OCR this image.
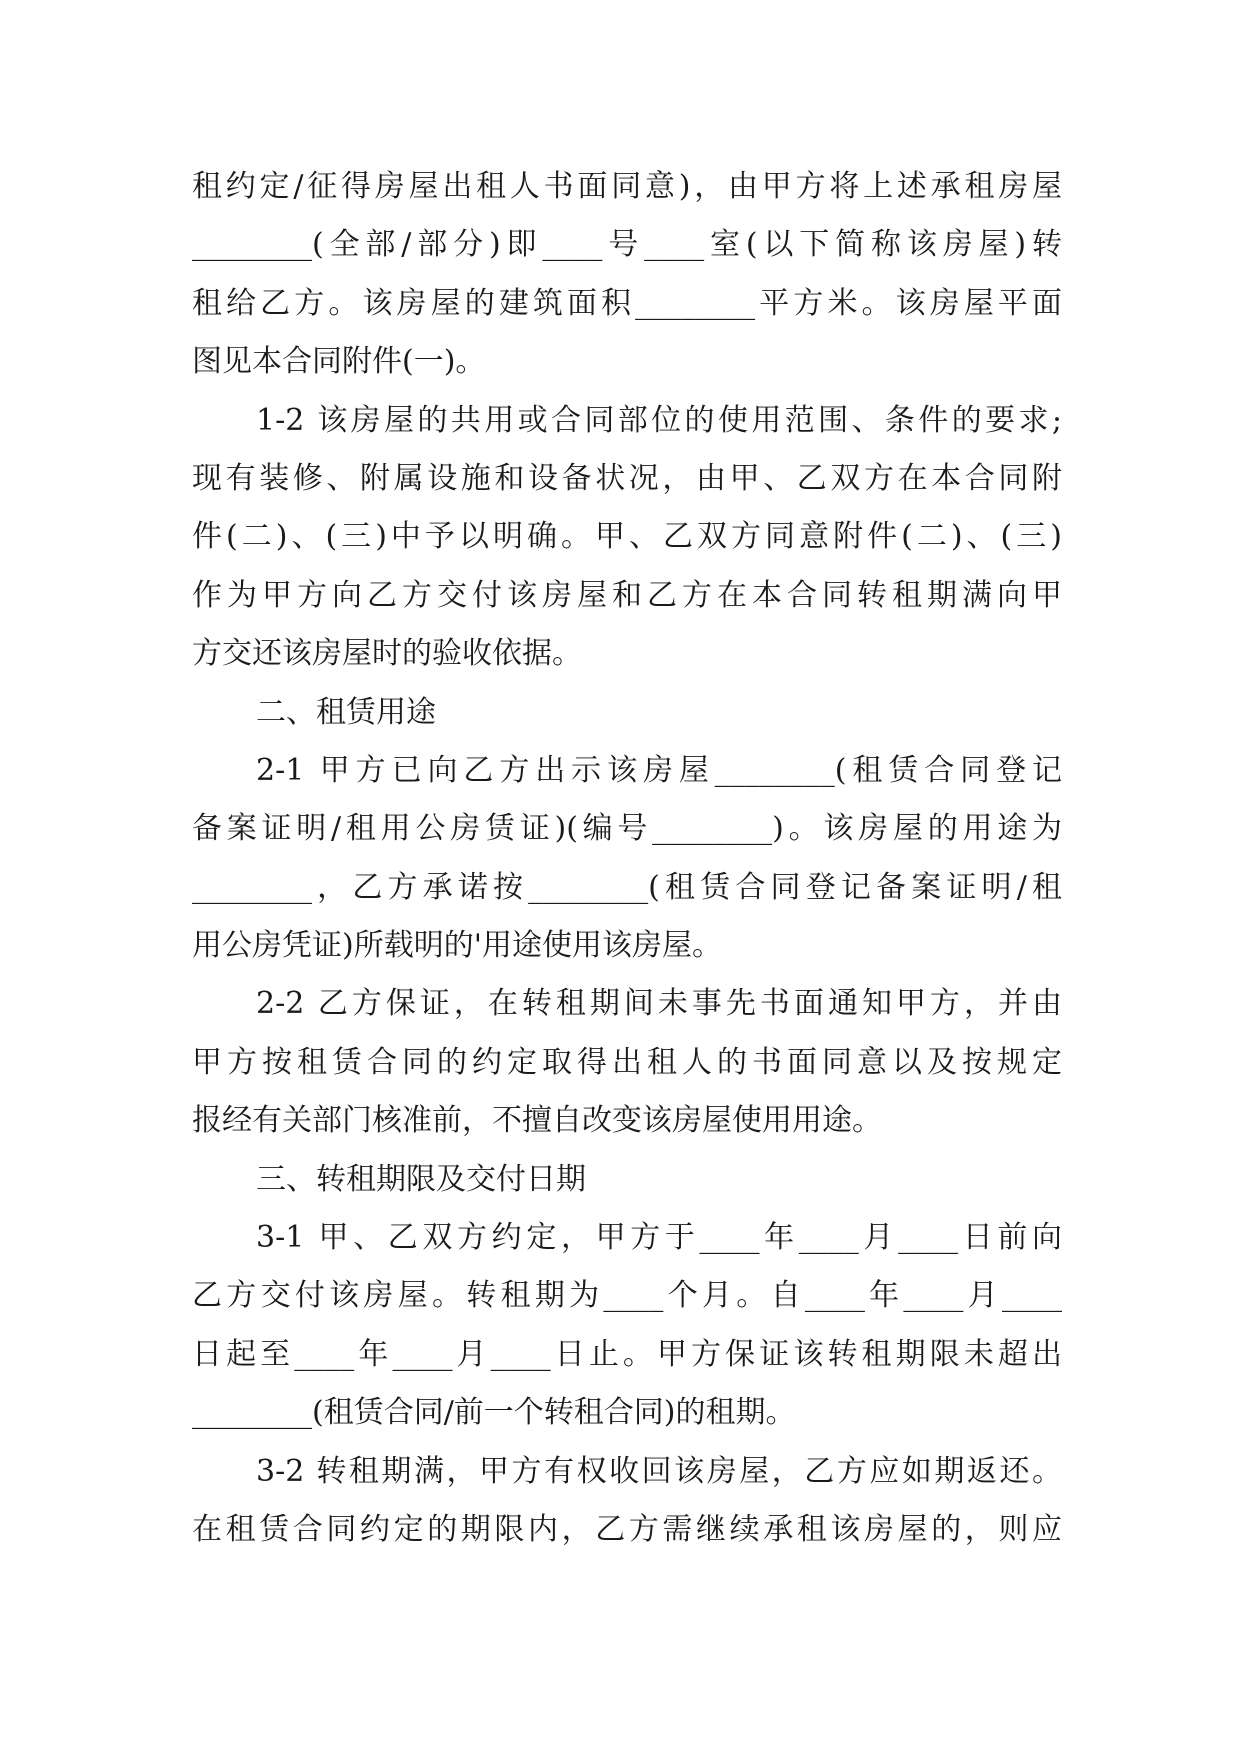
租约定/征得房屋出租人书面同意)，由甲方将上述承租房屋
________(全部/部分)即____号____室(以下简称该房屋)转
租给乙方。该房屋的建筑面积________平方米。该房屋平面
图见本合同附件(一)。
1-2 该房屋的共用或合同部位的使用范围、条件的要求;
现有装修、附属设施和设备状况，由甲、乙双方在本合同附
件(二)、(三)中予以明确。甲、乙双方同意附件(二)、(三)
作为甲方向乙方交付该房屋和乙方在本合同转租期满向甲
方交还该房屋时的验收依据。
二、租赁用途
2-1 甲方已向乙方出示该房屋________(租赁合同登记
备案证明/租用公房赁证)(编号________)。该房屋的用途为
________，乙方承诺按________(租赁合同登记备案证明/租
用公房凭证)所载明的'用途使用该房屋。
2-2 乙方保证，在转租期间未事先书面通知甲方，并由
甲方按租赁合同的约定取得出租人的书面同意以及按规定
报经有关部门核准前，不擅自改变该房屋使用用途。
三、转租期限及交付日期
3-1 甲、乙双方约定，甲方于____年____月____日前向
乙方交付该房屋。转租期为____个月。自____年____月____
日起至____年____月____日止。甲方保证该转租期限未超出
________(租赁合同/前一个转租合同)的租期。
3-2 转租期满，甲方有权收回该房屋，乙方应如期返还。
在租赁合同约定的期限内，乙方需继续承租该房屋的，则应
